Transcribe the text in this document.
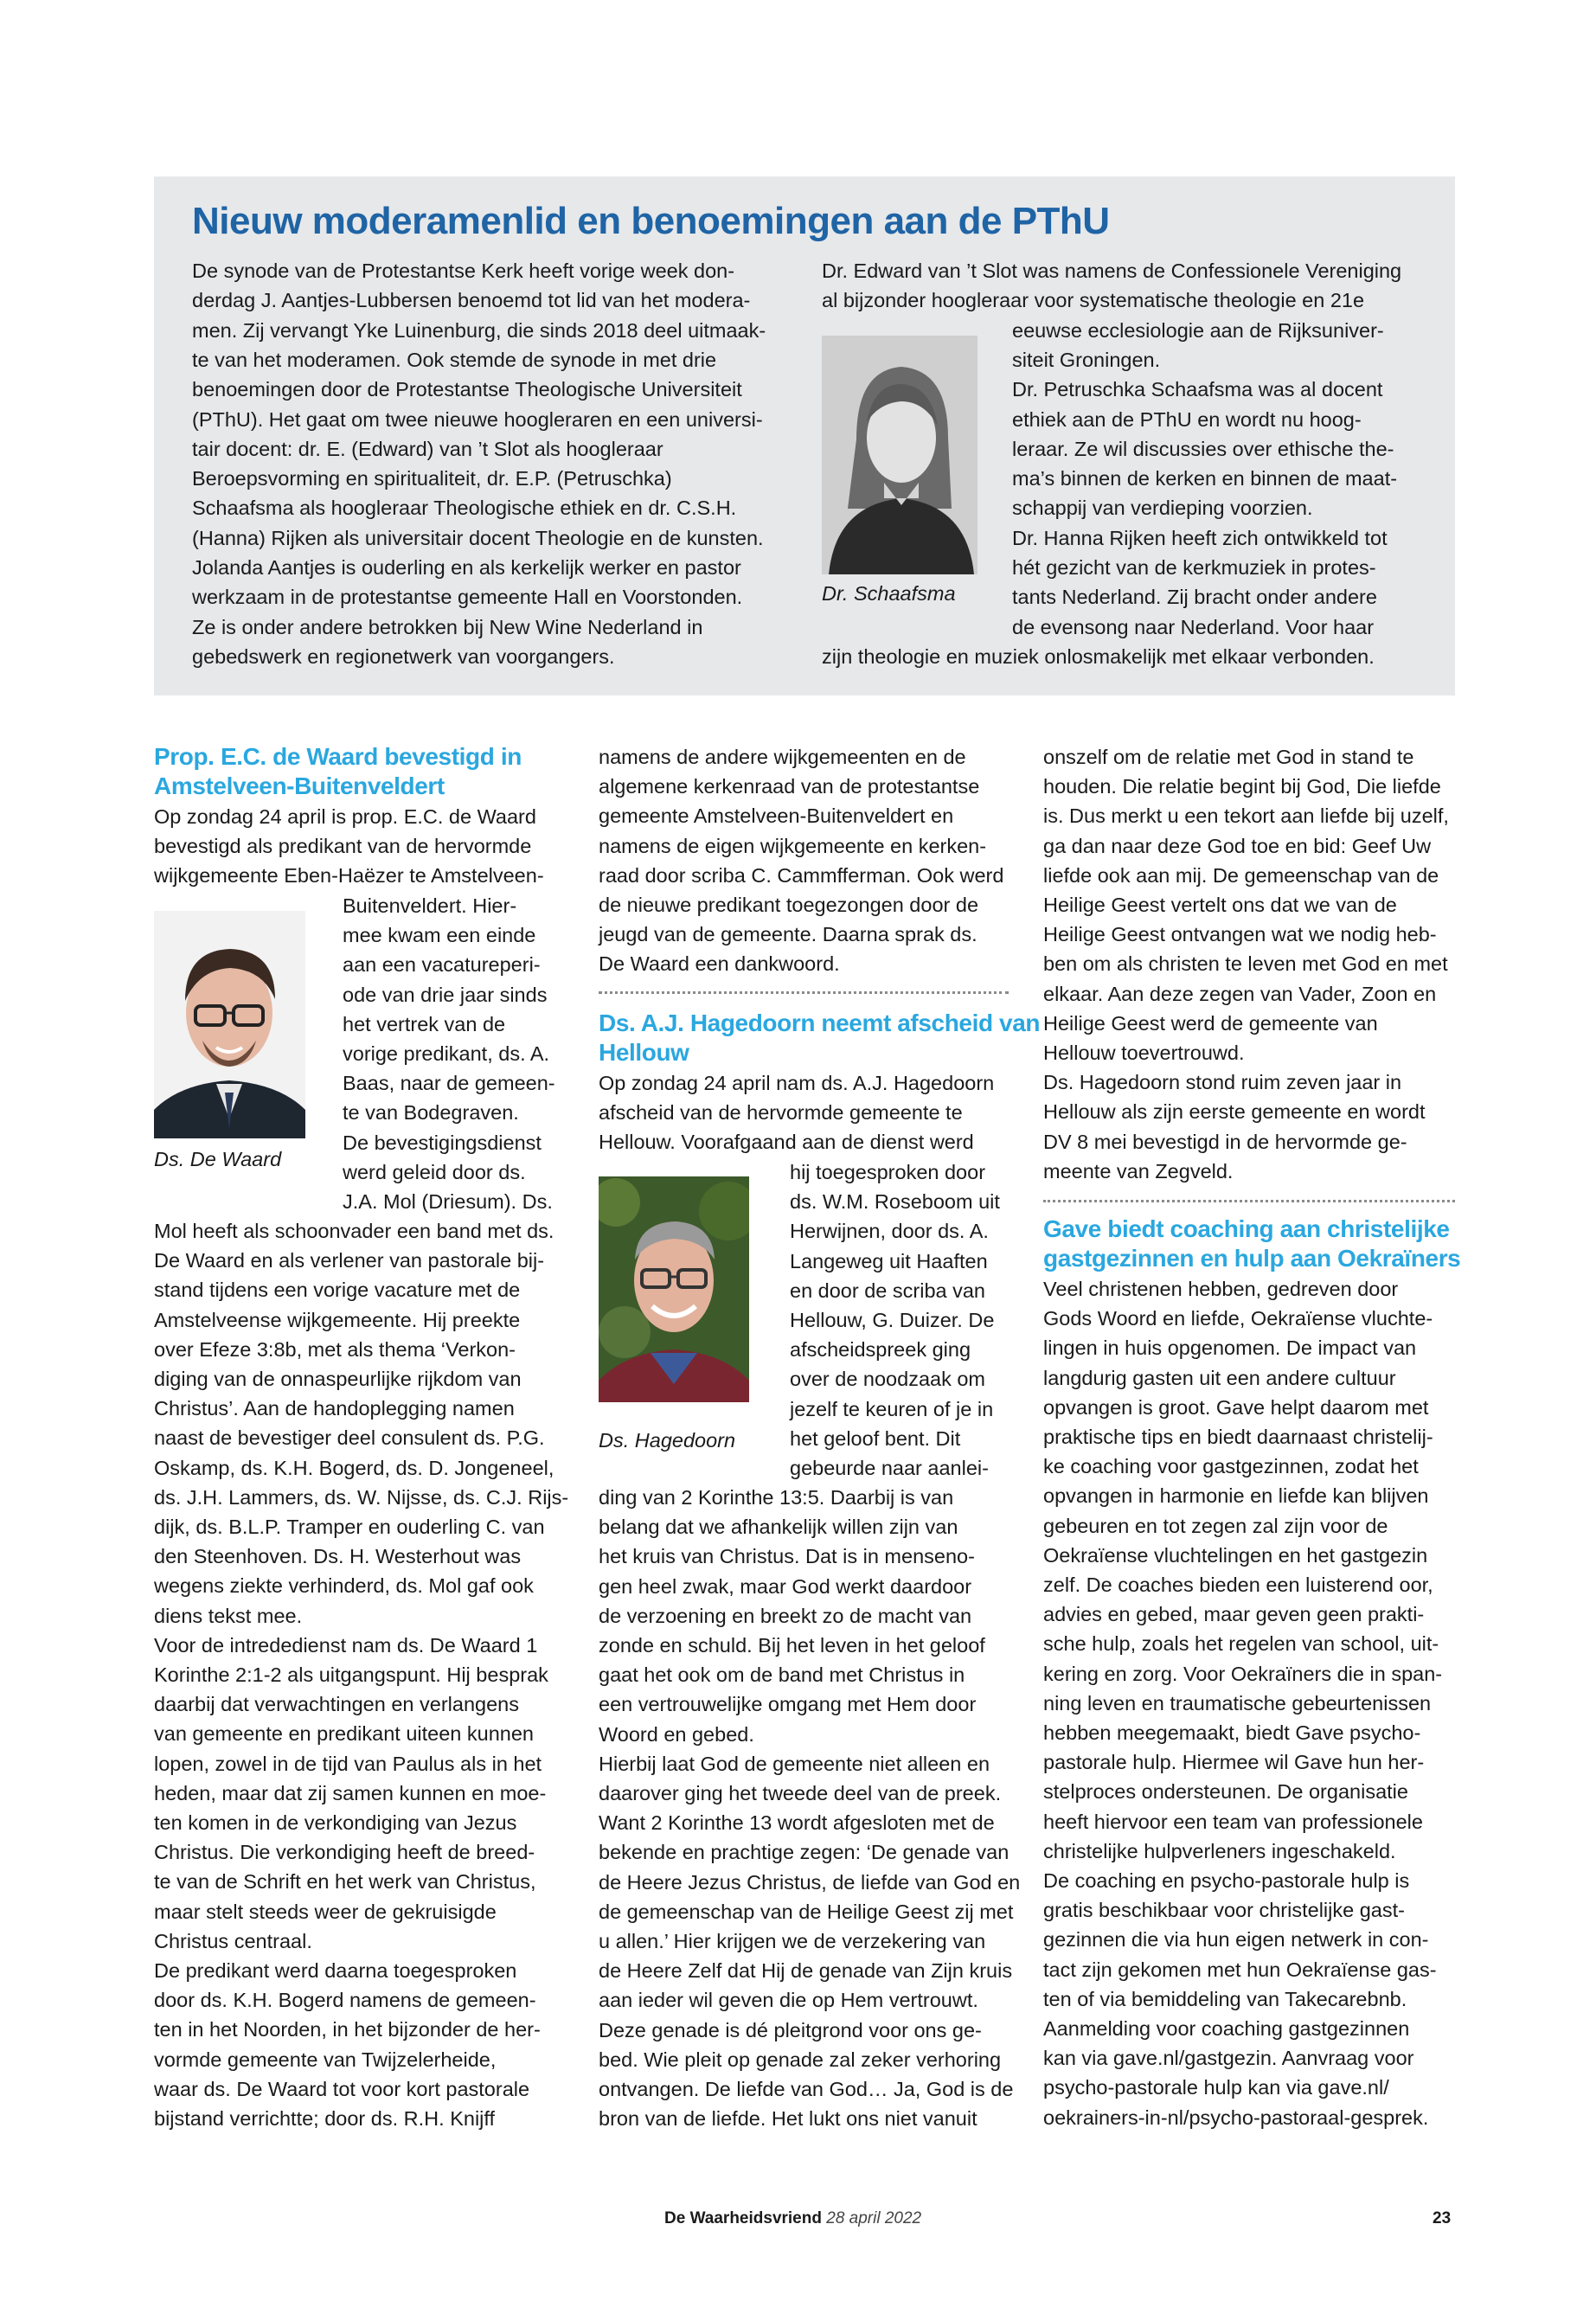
Nieuw moderamenlid en benoemingen aan de PThU
De synode van de Protestantse Kerk heeft vorige week don-
derdag J. Aantjes-Lubbersen benoemd tot lid van het modera-
men. Zij vervangt Yke Luinenburg, die sinds 2018 deel uitmaak-
te van het moderamen. Ook stemde de synode in met drie
benoemingen door de Protestantse Theologische Universiteit
(PThU). Het gaat om twee nieuwe hoogleraren en een universi-
tair docent: dr. E. (Edward) van ’t Slot als hoogleraar
Beroepsvorming en spiritualiteit, dr. E.P. (Petruschka)
Schaafsma als hoogleraar Theologische ethiek en dr. C.S.H.
(Hanna) Rijken als universitair docent Theologie en de kunsten.
Jolanda Aantjes is ouderling en als kerkelijk werker en pastor
werkzaam in de protestantse gemeente Hall en Voorstonden.
Ze is onder andere betrokken bij New Wine Nederland in
gebedswerk en regionetwerk van voorgangers.
Dr. Edward van ’t Slot was namens de Confessionele Vereniging
al bijzonder hoogleraar voor systematische theologie en 21e
eeuwse ecclesiologie aan de Rijksuniver-
siteit Groningen.
Dr. Petruschka Schaafsma was al docent
ethiek aan de PThU en wordt nu hoog-
leraar. Ze wil discussies over ethische the-
ma’s binnen de kerken en binnen de maat-
schappij van verdieping voorzien.
Dr. Hanna Rijken heeft zich ontwikkeld tot
hét gezicht van de kerkmuziek in protes-
tants Nederland. Zij bracht onder andere
de evensong naar Nederland. Voor haar
zijn theologie en muziek onlosmakelijk met elkaar verbonden.
Dr. Schaafsma
Prop. E.C. de Waard bevestigd in
Amstelveen-Buitenveldert
Op zondag 24 april is prop. E.C. de Waard
bevestigd als predikant van de hervormde
wijkgemeente Eben-Haëzer te Amstelveen-
Buitenveldert. Hier-
mee kwam een einde
aan een vacatureperi-
ode van drie jaar sinds
het vertrek van de
vorige predikant, ds. A.
Baas, naar de gemeen-
te van Bodegraven.
De bevestigingsdienst
werd geleid door ds.
J.A. Mol (Driesum). Ds.
Ds. De Waard
Mol heeft als schoonvader een band met ds.
De Waard en als verlener van pastorale bij-
stand tijdens een vorige vacature met de
Amstelveense wijkgemeente. Hij preekte
over Efeze 3:8b, met als thema ‘Verkon-
diging van de onnaspeurlijke rijkdom van
Christus’. Aan de handoplegging namen
naast de bevestiger deel consulent ds. P.G.
Oskamp, ds. K.H. Bogerd, ds. D. Jongeneel,
ds. J.H. Lammers, ds. W. Nijsse, ds. C.J. Rijs-
dijk, ds. B.L.P. Tramper en ouderling C. van
den Steenhoven. Ds. H. Westerhout was
wegens ziekte verhinderd, ds. Mol gaf ook
diens tekst mee.
Voor de intrededienst nam ds. De Waard 1
Korinthe 2:1-2 als uitgangspunt. Hij besprak
daarbij dat verwachtingen en verlangens
van gemeente en predikant uiteen kunnen
lopen, zowel in de tijd van Paulus als in het
heden, maar dat zij samen kunnen en moe-
ten komen in de verkondiging van Jezus
Christus. Die verkondiging heeft de breed-
te van de Schrift en het werk van Christus,
maar stelt steeds weer de gekruisigde
Christus centraal.
De predikant werd daarna toegesproken
door ds. K.H. Bogerd namens de gemeen-
ten in het Noorden, in het bijzonder de her-
vormde gemeente van Twijzelerheide,
waar ds. De Waard tot voor kort pastorale
bijstand verrichtte; door ds. R.H. Knijff
namens de andere wijkgemeenten en de
algemene kerkenraad van de protestantse
gemeente Amstelveen-Buitenveldert en
namens de eigen wijkgemeente en kerken-
raad door scriba C. Cammfferman. Ook werd
de nieuwe predikant toegezongen door de
jeugd van de gemeente. Daarna sprak ds.
De Waard een dankwoord.
Ds. A.J. Hagedoorn neemt afscheid van
Hellouw
Op zondag 24 april nam ds. A.J. Hagedoorn
afscheid van de hervormde gemeente te
Hellouw. Voorafgaand aan de dienst werd
hij toegesproken door
ds. W.M. Roseboom uit
Herwijnen, door ds. A.
Langeweg uit Haaften
en door de scriba van
Hellouw, G. Duizer. De
afscheidspreek ging
over de noodzaak om
jezelf te keuren of je in
het geloof bent. Dit
gebeurde naar aanlei-
Ds. Hagedoorn
ding van 2 Korinthe 13:5. Daarbij is van
belang dat we afhankelijk willen zijn van
het kruis van Christus. Dat is in menseno-
gen heel zwak, maar God werkt daardoor
de verzoening en breekt zo de macht van
zonde en schuld. Bij het leven in het geloof
gaat het ook om de band met Christus in
een vertrouwelijke omgang met Hem door
Woord en gebed.
Hierbij laat God de gemeente niet alleen en
daarover ging het tweede deel van de preek.
Want 2 Korinthe 13 wordt afgesloten met de
bekende en prachtige zegen: ‘De genade van
de Heere Jezus Christus, de liefde van God en
de gemeenschap van de Heilige Geest zij met
u allen.’ Hier krijgen we de verzekering van
de Heere Zelf dat Hij de genade van Zijn kruis
aan ieder wil geven die op Hem vertrouwt.
Deze genade is dé pleitgrond voor ons ge-
bed. Wie pleit op genade zal zeker verhoring
ontvangen. De liefde van God… Ja, God is de
bron van de liefde. Het lukt ons niet vanuit
onszelf om de relatie met God in stand te
houden. Die relatie begint bij God, Die liefde
is. Dus merkt u een tekort aan liefde bij uzelf,
ga dan naar deze God toe en bid: Geef Uw
liefde ook aan mij. De gemeenschap van de
Heilige Geest vertelt ons dat we van de
Heilige Geest ontvangen wat we nodig heb-
ben om als christen te leven met God en met
elkaar. Aan deze zegen van Vader, Zoon en
Heilige Geest werd de gemeente van
Hellouw toevertrouwd.
Ds. Hagedoorn stond ruim zeven jaar in
Hellouw als zijn eerste gemeente en wordt
DV 8 mei bevestigd in de hervormde ge-
meente van Zegveld.
Gave biedt coaching aan christelijke
gastgezinnen en hulp aan Oekraïners
Veel christenen hebben, gedreven door
Gods Woord en liefde, Oekraïense vluchte-
lingen in huis opgenomen. De impact van
langdurig gasten uit een andere cultuur
opvangen is groot. Gave helpt daarom met
praktische tips en biedt daarnaast christelij-
ke coaching voor gastgezinnen, zodat het
opvangen in harmonie en liefde kan blijven
gebeuren en tot zegen zal zijn voor de
Oekraïense vluchtelingen en het gastgezin
zelf. De coaches bieden een luisterend oor,
advies en gebed, maar geven geen prakti-
sche hulp, zoals het regelen van school, uit-
kering en zorg. Voor Oekraïners die in span-
ning leven en traumatische gebeurtenissen
hebben meegemaakt, biedt Gave psycho-
pastorale hulp. Hiermee wil Gave hun her-
stelproces ondersteunen. De organisatie
heeft hiervoor een team van professionele
christelijke hulpverleners ingeschakeld.
De coaching en psycho-pastorale hulp is
gratis beschikbaar voor christelijke gast-
gezinnen die via hun eigen netwerk in con-
tact zijn gekomen met hun Oekraïense gas-
ten of via bemiddeling van Takecarebnb.
Aanmelding voor coaching gastgezinnen
kan via gave.nl/gastgezin. Aanvraag voor
psycho-pastorale hulp kan via gave.nl/
oekrainers-in-nl/psycho-pastoraal-gesprek.
De Waarheidsvriend 28 april 2022	23
